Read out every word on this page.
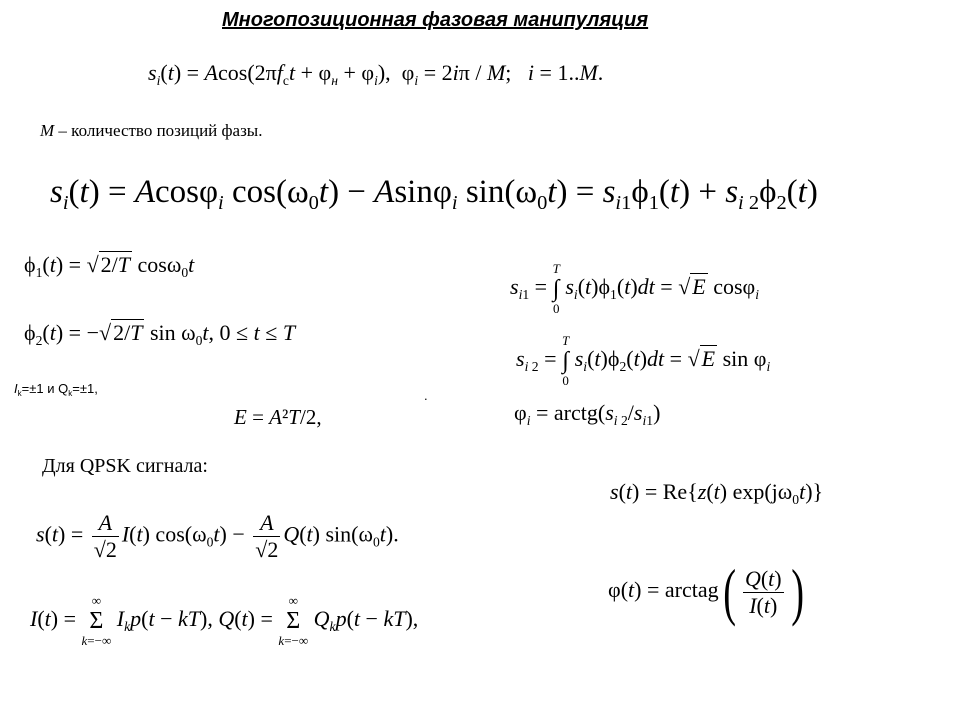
Многопозиционная фазовая манипуляция
$s_i(t) = Acos(2\pi f_сt + \varphi_н + \varphi_i)$,  $\varphi_i = 2i\pi / M$;   i = 1..M.
M – количество позиций фазы.
$s_i(t) = Acos\varphi_i$ $\cos(\omega_0t) - Asin\varphi_i$ $\sin(\omega_0t) = s_{i1}\phi_1(t) + s_{i 2}\phi_2(t)$
$\phi_1(t) = √2/T$ cosω$_0$t
$\phi_2(t) = -√2/T$ $\sin \omega_0t$, 0 ≤ t ≤ T
$I_k=\pm 1$ и $Q_k=\pm 1$,
E = A²T/2,
.
$s_{i1}$ =
T
∫
0
$s_i(t)\phi_1(t)dt = √E$ cosφ$_i$
$s_{i 2}$ =
T
∫
0
$s_i(t)\phi_2(t)dt = √E$ $\sin \varphi_i$
$\varphi_i$ = $arctg(s_{i 2}/s_{i1})$
Для QPSK сигнала:
$s(t) = \frac{A}{√2} I(t) \cos(\omega_0t) - \frac{A}{√2} Q(t)$ $\sin(\omega_0t)$.
I(t) =
∞
Σ
k=−∞
$I_kp(t - kT)$, Q(t) =
∞
Σ
k=−∞
$Q_kp(t - kT)$,
s(t) = Re{z(t) $\exp(j\omega_0t)$}
φ(t) = arctag( $\frac{Q(t)}{I(t)}$ )
